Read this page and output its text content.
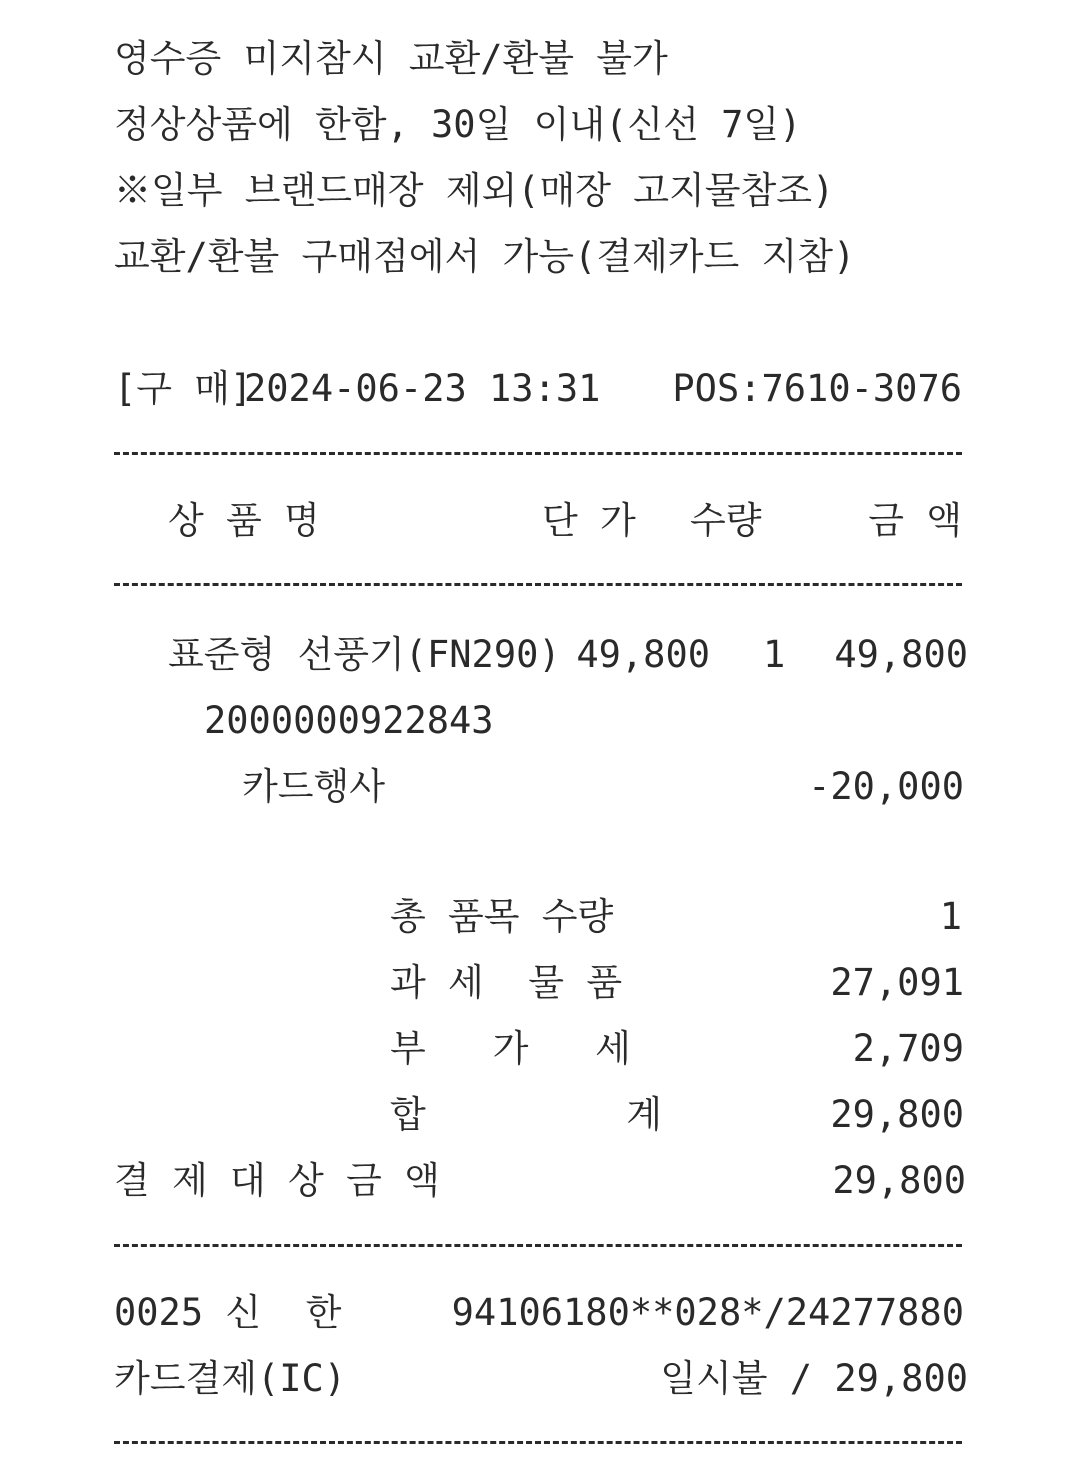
영수증 미지참시 교환/환불 불가
정상상품에 한함, 30일 이내(신선 7일)
※일부 브랜드매장 제외(매장 고지물참조)
교환/환불 구매점에서 가능(결제카드 지참)
[구 매]
2024-06-23 13:31 POS:7610-3076
상 품 명	단 가 수량	금 액
표준형 선풍기(FN290) 49,800 1 49,800
2000000922843
카드행사	-20,000
총 품목 수량	1
과 세  물 품	27,091
부   가   세	2,709
합         계	29,800
결 제 대 상 금 액	29,800
0025 신  한	94106180**028*/24277880
카드결제(IC)	일시불 / 29,800
